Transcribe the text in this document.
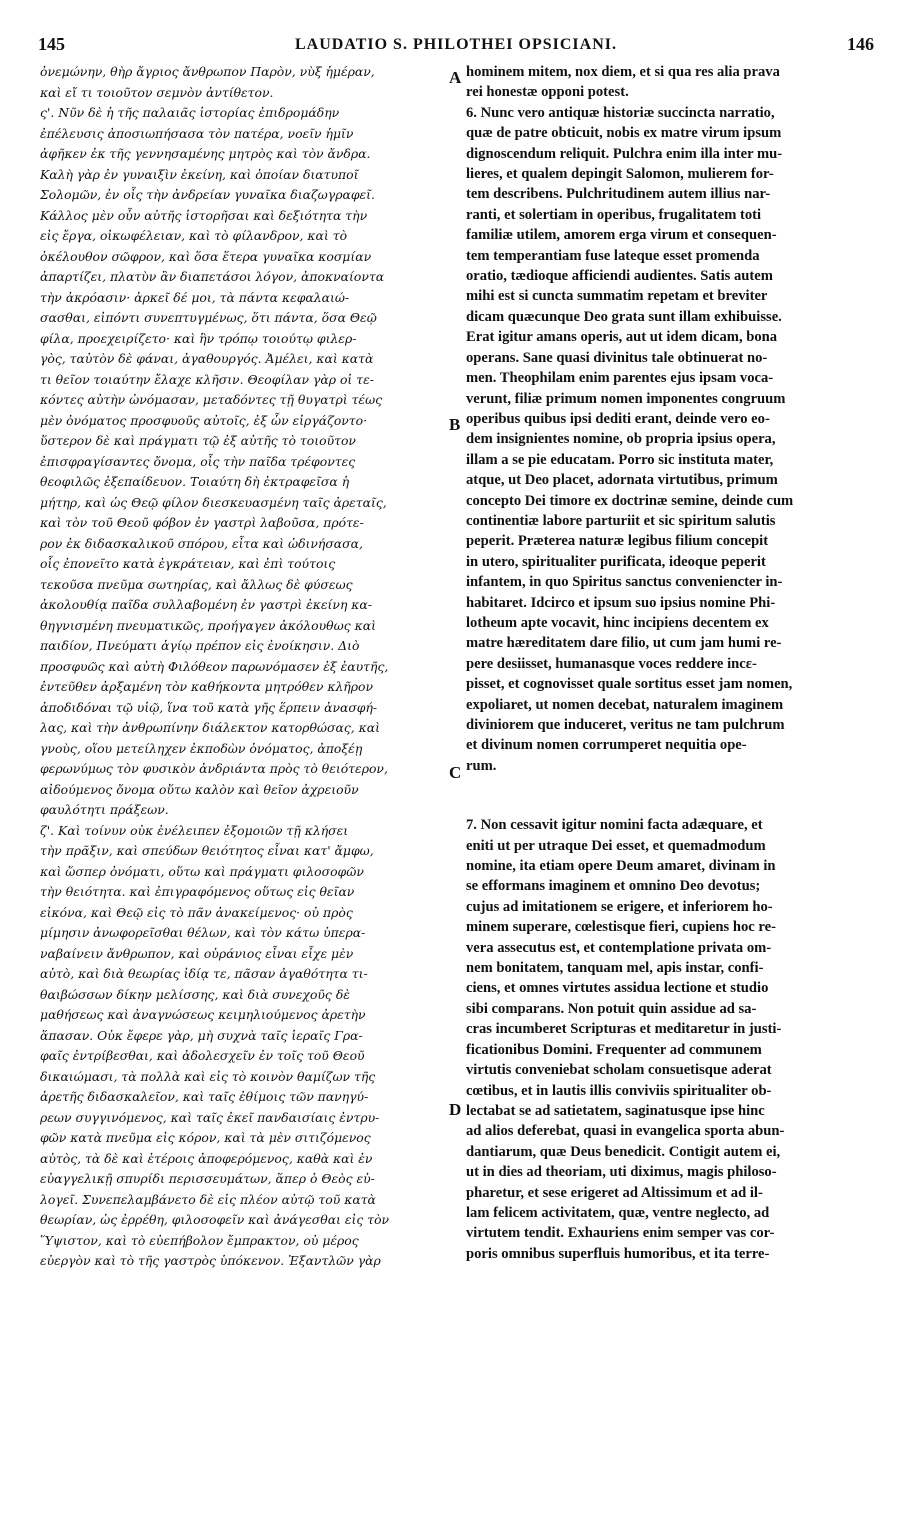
145	LAUDATIO S. PHILOTHEI OPSICIANI.	146
A
B
C
D
ὀνεμώνην, θὴρ ἄγριος ἄνθρωπον Παρὸν, νὺξ ἡμέραν,
καὶ εἴ τι τοιοῦτον σεμνὸν ἀντίθετον.
ς'. Νῦν δὲ ἡ τῆς παλαιᾶς ἱστορίας ἐπιδρομάδην
ἐπέλευσις ἀποσιωπήσασα τὸν πατέρα, νοεῖν ἡμῖν
ἀφῆκεν ἐκ τῆς γεννησαμένης μητρὸς καὶ τὸν ἄνδρα.
Καλὴ γὰρ ἐν γυναιξὶν ἐκείνη, καὶ ὁποίαν διατυποῖ
Σολομῶν, ἐν οἷς τὴν ἀνδρείαν γυναῖκα διαζωγραφεῖ.
Κάλλος μὲν οὖν αὐτῆς ἱστορῆσαι καὶ δεξιότητα τὴν
εἰς ἔργα, οἰκωφέλειαν, καὶ τὸ φίλανδρον, καὶ τὸ
ὀκέλουθον σῶφρον, καὶ ὅσα ἕτερα γυναῖκα κοσμίαν
ἀπαρτίζει, πλατὺν ἂν διαπετάσοι λόγον, ἀποκναίοντα
τὴν ἀκρόασιν· ἀρκεῖ δέ μοι, τὰ πάντα κεφαλαιώ-
σασθαι, εἰπόντι συνεπτυγμένως, ὅτι πάντα, ὅσα Θεῷ
φίλα, προεχειρίζετο· καὶ ἣν τρόπῳ τοιούτῳ φιλερ-
γὸς, ταὐτὸν δὲ φάναι, ἀγαθουργός. Ἀμέλει, καὶ κατὰ
τι θεῖον τοιαύτην ἔλαχε κλῆσιν. Θεοφίλαν γὰρ οἱ τε-
κόντες αὐτὴν ὠνόμασαν, μεταδόντες τῇ θυγατρὶ τέως
μὲν ὀνόματος προσφυοῦς αὐτοῖς, ἐξ ὧν εἰργάζοντο·
ὕστερον δὲ καὶ πράγματι τῷ ἐξ αὐτῆς τὸ τοιοῦτον
ἐπισφραγίσαντες ὄνομα, οἷς τὴν παῖδα τρέφοντες
θεοφιλῶς ἐξεπαίδευον. Τοιαύτη δὴ ἐκτραφεῖσα ἡ
μήτηρ, καὶ ὡς Θεῷ φίλον διεσκευασμένη ταῖς ἀρεταῖς,
καὶ τὸν τοῦ Θεοῦ φόβον ἐν γαστρὶ λαβοῦσα, πρότε-
ρον ἐκ διδασκαλικοῦ σπόρου, εἶτα καὶ ὠδινήσασα,
οἷς ἐπονεῖτο κατὰ ἐγκράτειαν, καὶ ἐπὶ τούτοις
τεκοῦσα πνεῦμα σωτηρίας, καὶ ἄλλως δὲ φύσεως
ἀκολουθίᾳ παῖδα συλλαβομένη ἐν γαστρὶ ἐκείνη κα-
θηγνισμένη πνευματικῶς, προήγαγεν ἀκόλουθως καὶ
παιδίον, Πνεύματι ἁγίῳ πρέπον εἰς ἐνοίκησιν. Διὸ
προσφυῶς καὶ αὐτὴ Φιλόθεον παρωνόμασεν ἐξ ἑαυτῆς,
ἐντεῦθεν ἀρξαμένη τὸν καθήκοντα μητρόθεν κλῆρον
ἀποδιδόναι τῷ υἱῷ, ἵνα τοῦ κατὰ γῆς ἕρπειν ἀνασφή-
λας, καὶ τὴν ἀνθρωπίνην διάλεκτον κατορθώσας, καὶ
γνοὺς, οἵου μετείληχεν ἐκποδὼν ὀνόματος, ἀποξέῃ
φερωνύμως τὸν φυσικὸν ἀνδριάντα πρὸς τὸ θειότερον,
αἰδούμενος ὄνομα οὕτω καλὸν καὶ θεῖον ἀχρειοῦν
φαυλότητι πράξεων.
ζ'. Καὶ τοίνυν οὐκ ἐνέλειπεν ἐξομοιῶν τῇ κλήσει
τὴν πρᾶξιν, καὶ σπεύδων θειότητος εἶναι κατ' ἄμφω,
καὶ ὥσπερ ὀνόματι, οὕτω καὶ πράγματι φιλοσοφῶν
τὴν θειότητα. καὶ ἐπιγραφόμενος οὕτως εἰς θεῖαν
εἰκόνα, καὶ Θεῷ εἰς τὸ πᾶν ἀνακείμενος· οὐ πρὸς
μίμησιν ἀνωφορεῖσθαι θέλων, καὶ τὸν κάτω ὑπερα-
ναβαίνειν ἄνθρωπον, καὶ οὐράνιος εἶναι εἶχε μὲν
αὐτὸ, καὶ διὰ θεωρίας ἰδίᾳ τε, πᾶσαν ἀγαθότητα τι-
θαιβώσσων δίκην μελίσσης, καὶ διὰ συνεχοῦς δὲ
μαθήσεως καὶ ἀναγνώσεως κειμηλιούμενος ἀρετὴν
ἅπασαν. Οὐκ ἔφερε γὰρ, μὴ συχνὰ ταῖς ἱεραῖς Γρα-
φαῖς ἐντρίβεσθαι, καὶ ἀδολεσχεῖν ἐν τοῖς τοῦ Θεοῦ
δικαιώμασι, τὰ πολλὰ καὶ εἰς τὸ κοινὸν θαμίζων τῆς
ἀρετῆς διδασκαλεῖον, καὶ ταῖς ἐθίμοις τῶν πανηγύ-
ρεων συγγινόμενος, καὶ ταῖς ἐκεῖ πανδαισίαις ἐντρυ-
φῶν κατὰ πνεῦμα εἰς κόρον, καὶ τὰ μὲν σιτιζόμενος
αὐτὸς, τὰ δὲ καὶ ἑτέροις ἀποφερόμενος, καθὰ καὶ ἐν
εὐαγγελικῇ σπυρίδι περισσευμάτων, ἅπερ ὁ Θεὸς εὐ-
λογεῖ. Συνεπελαμβάνετο δὲ εἰς πλέον αὐτῷ τοῦ κατὰ
θεωρίαν, ὡς ἐρρέθη, φιλοσοφεῖν καὶ ἀνάγεσθαι εἰς τὸν
Ὕψιστον, καὶ τὸ εὐεπήβολον ἔμπρακτον, οὐ μέρος
εὐεργὸν καὶ τὸ τῆς γαστρὸς ὑπόκενον. Ἐξαντλῶν γὰρ
hominem mitem, nox diem, et si qua res alia prava
rei honestæ opponi potest.
6. Nunc vero antiquæ historiæ succincta narratio,
quæ de patre obticuit, nobis ex matre virum ipsum
dignoscendum reliquit. Pulchra enim illa inter mu-
lieres, et qualem depingit Salomon, mulierem for-
tem describens. Pulchritudinem autem illius nar-
ranti, et solertiam in operibus, frugalitatem toti
familiæ utilem, amorem erga virum et consequen-
tem temperantiam fuse lateque esset promenda
oratio, tædioque afficiendi audientes. Satis autem
mihi est si cuncta summatim repetam et breviter
dicam quæcunque Deo grata sunt illam exhibuisse.
Erat igitur amans operis, aut ut idem dicam, bona
operans. Sane quasi divinitus tale obtinuerat no-
men. Theophilam enim parentes ejus ipsam voca-
verunt, filiæ primum nomen imponentes congruum
operibus quibus ipsi dediti erant, deinde vero eo-
dem insignientes nomine, ob propria ipsius opera,
illam a se pie educatam. Porro sic instituta mater,
atque, ut Deo placet, adornata virtutibus, primum
concepto Dei timore ex doctrinæ semine, deinde cum
continentiæ labore parturiit et sic spiritum salutis
peperit. Præterea naturæ legibus filium concepit
in utero, spiritualiter purificata, ideoque peperit
infantem, in quo Spiritus sanctus conveniencter in-
habitaret. Idcirco et ipsum suo ipsius nomine Phi-
lotheum apte vocavit, hinc incipiens decentem ex
matre hæreditatem dare filio, ut cum jam humi re-
pere desiisset, humanasque voces reddere incε-
pisset, et cognovisset quale sortitus esset jam nomen,
expoliaret, ut nomen decebat, naturalem imaginem
diviniorem que induceret, veritus ne tam pulchrum
et divinum nomen corrumperet nequitia ope-
rum.
7. Non cessavit igitur nomini facta adæquare, et
eniti ut per utraque Dei esset, et quemadmodum
nomine, ita etiam opere Deum amaret, divinam in
se efformans imaginem et omnino Deo devotus;
cujus ad imitationem se erigere, et inferiorem ho-
minem superare, cœlestisque fieri, cupiens hoc re-
vera assecutus est, et contemplatione privata om-
nem bonitatem, tanquam mel, apis instar, confi-
ciens, et omnes virtutes assidua lectione et studio
sibi comparans. Non potuit quin assidue ad sa-
cras incumberet Scripturas et meditaretur in justi-
ficationibus Domini. Frequenter ad communem
virtutis conveniebat scholam consuetisque aderat
cœtibus, et in lautis illis conviviis spiritualiter ob-
lectabat se ad satietatem, saginatusque ipse hinc
ad alios deferebat, quasi in evangelica sporta abun-
dantiarum, quæ Deus benedicit. Contigit autem ei,
ut in dies ad theoriam, uti diximus, magis philoso-
pharetur, et sese erigeret ad Altissimum et ad il-
lam felicem activitatem, quæ, ventre neglecto, ad
virtutem tendit. Exhauriens enim semper vas cor-
poris omnibus superfluis humoribus, et ita terre-
